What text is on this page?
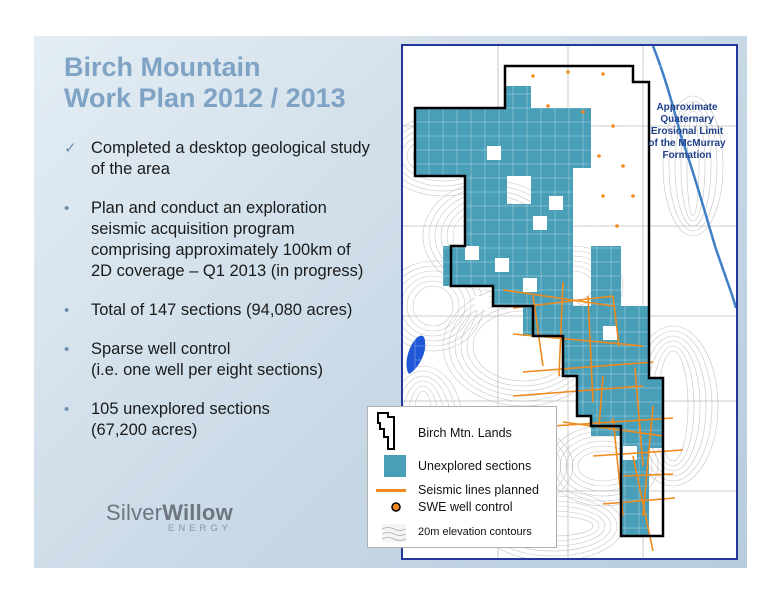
Birch Mountain
Work Plan 2012 / 2013
✓ Completed a desktop geological study
of the area
• Plan and conduct an exploration
seismic acquisition program
comprising approximately 100km of
2D coverage – Q1 2013 (in progress)
• Total of 147 sections (94,080 acres)
• Sparse well control
(i.e. one well per eight sections)
• 105 unexplored sections
(67,200 acres)
SilverWillow
ENERGY
Approximate
Quaternary
Erosional Limit
of the McMurray
Formation
Birch Mtn. Lands
Unexplored sections
Seismic lines planned
SWE well control
20m elevation contours
